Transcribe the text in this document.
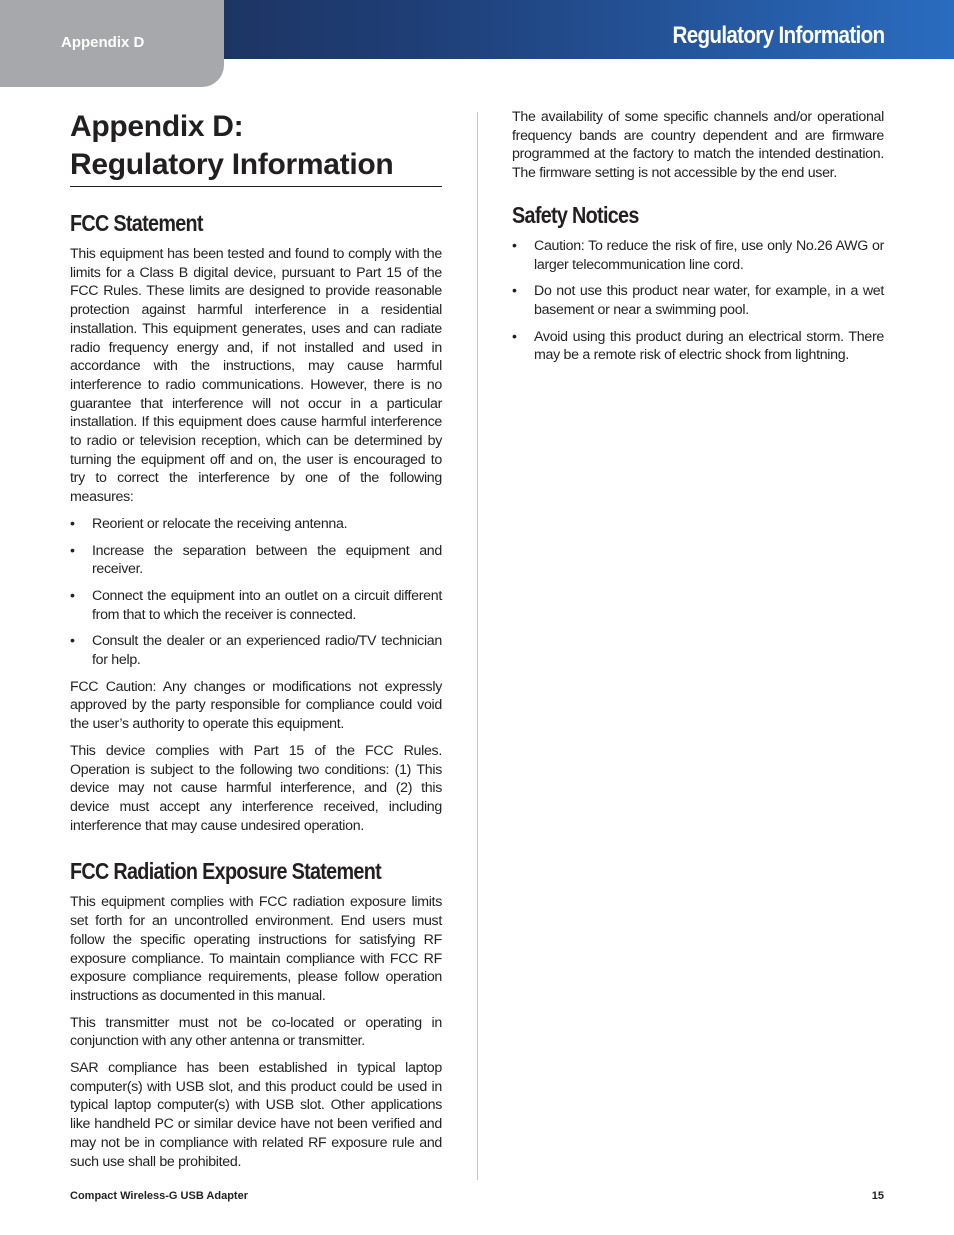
Appendix D	Regulatory Information
Appendix D:
Regulatory Information
FCC Statement

This equipment has been tested and found to comply with the limits for a Class B digital device, pursuant to Part 15 of the FCC Rules. These limits are designed to provide reasonable protection against harmful interference in a residential installation. This equipment generates, uses and can radiate radio frequency energy and, if not installed and used in accordance with the instructions, may cause harmful interference to radio communications. However, there is no guarantee that interference will not occur in a particular installation. If this equipment does cause harmful interference to radio or television reception, which can be determined by turning the equipment off and on, the user is encouraged to try to correct the interference by one of the following measures:

• Reorient or relocate the receiving antenna.
• Increase the separation between the equipment and receiver.
• Connect the equipment into an outlet on a circuit different from that to which the receiver is connected.
• Consult the dealer or an experienced radio/TV technician for help.

FCC Caution: Any changes or modifications not expressly approved by the party responsible for compliance could void the user’s authority to operate this equipment.

This device complies with Part 15 of the FCC Rules. Operation is subject to the following two conditions: (1) This device may not cause harmful interference, and (2) this device must accept any interference received, including interference that may cause undesired operation.

FCC Radiation Exposure Statement

This equipment complies with FCC radiation exposure limits set forth for an uncontrolled environment. End users must follow the specific operating instructions for satisfying RF exposure compliance. To maintain compliance with FCC RF exposure compliance requirements, please follow operation instructions as documented in this manual.

This transmitter must not be co-located or operating in conjunction with any other antenna or transmitter.

SAR compliance has been established in typical laptop computer(s) with USB slot, and this product could be used in typical laptop computer(s) with USB slot. Other applications like handheld PC or similar device have not been verified and may not be in compliance with related RF exposure rule and such use shall be prohibited.

The availability of some specific channels and/or operational frequency bands are country dependent and are firmware programmed at the factory to match the intended destination. The firmware setting is not accessible by the end user.

Safety Notices
• Caution: To reduce the risk of fire, use only No.26 AWG or larger telecommunication line cord.
• Do not use this product near water, for example, in a wet basement or near a swimming pool.
• Avoid using this product during an electrical storm. There may be a remote risk of electric shock from lightning.
Compact Wireless-G USB Adapter	15
